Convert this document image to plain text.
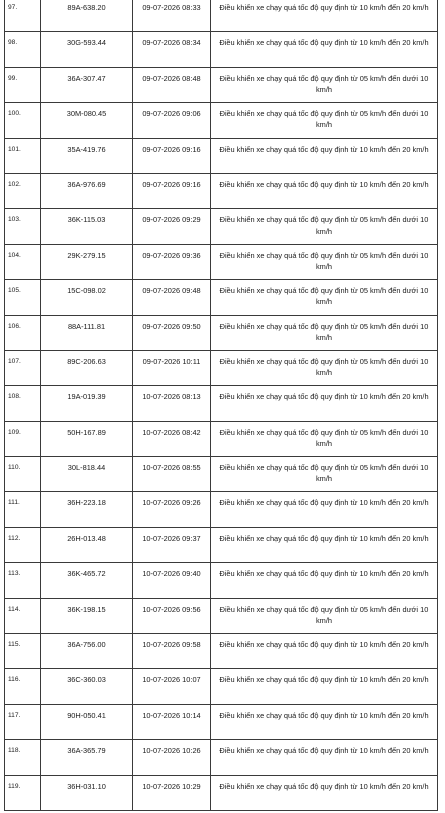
97.	89A-638.20	09-07-2026 08:33	Điều khiển xe chạy quá tốc độ quy định từ 10 km/h đến 20 km/h
98.	30G-593.44	09-07-2026 08:34	Điều khiển xe chạy quá tốc độ quy định từ 10 km/h đến 20 km/h
99.	36A-307.47	09-07-2026 08:48	Điều khiển xe chạy quá tốc độ quy định từ 05 km/h đến dưới 10 km/h
100.	30M-080.45	09-07-2026 09:06	Điều khiển xe chạy quá tốc độ quy định từ 05 km/h đến dưới 10 km/h
101.	35A-419.76	09-07-2026 09:16	Điều khiển xe chạy quá tốc độ quy định từ 10 km/h đến 20 km/h
102.	36A-976.69	09-07-2026 09:16	Điều khiển xe chạy quá tốc độ quy định từ 10 km/h đến 20 km/h
103.	36K-115.03	09-07-2026 09:29	Điều khiển xe chạy quá tốc độ quy định từ 05 km/h đến dưới 10 km/h
104.	29K-279.15	09-07-2026 09:36	Điều khiển xe chạy quá tốc độ quy định từ 05 km/h đến dưới 10 km/h
105.	15C-098.02	09-07-2026 09:48	Điều khiển xe chạy quá tốc độ quy định từ 05 km/h đến dưới 10 km/h
106.	88A-111.81	09-07-2026 09:50	Điều khiển xe chạy quá tốc độ quy định từ 05 km/h đến dưới 10 km/h
107.	89C-206.63	09-07-2026 10:11	Điều khiển xe chạy quá tốc độ quy định từ 05 km/h đến dưới 10 km/h
108.	19A-019.39	10-07-2026 08:13	Điều khiển xe chạy quá tốc độ quy định từ 10 km/h đến 20 km/h
109.	50H-167.89	10-07-2026 08:42	Điều khiển xe chạy quá tốc độ quy định từ 05 km/h đến dưới 10 km/h
110.	30L-818.44	10-07-2026 08:55	Điều khiển xe chạy quá tốc độ quy định từ 05 km/h đến dưới 10 km/h
111.	36H-223.18	10-07-2026 09:26	Điều khiển xe chạy quá tốc độ quy định từ 10 km/h đến 20 km/h
112.	26H-013.48	10-07-2026 09:37	Điều khiển xe chạy quá tốc độ quy định từ 10 km/h đến 20 km/h
113.	36K-465.72	10-07-2026 09:40	Điều khiển xe chạy quá tốc độ quy định từ 10 km/h đến 20 km/h
114.	36K-198.15	10-07-2026 09:56	Điều khiển xe chạy quá tốc độ quy định từ 05 km/h đến dưới 10 km/h
115.	36A-756.00	10-07-2026 09:58	Điều khiển xe chạy quá tốc độ quy định từ 10 km/h đến 20 km/h
116.	36C-360.03	10-07-2026 10:07	Điều khiển xe chạy quá tốc độ quy định từ 10 km/h đến 20 km/h
117.	90H-050.41	10-07-2026 10:14	Điều khiển xe chạy quá tốc độ quy định từ 10 km/h đến 20 km/h
118.	36A-365.79	10-07-2026 10:26	Điều khiển xe chạy quá tốc độ quy định từ 10 km/h đến 20 km/h
119.	36H-031.10	10-07-2026 10:29	Điều khiển xe chạy quá tốc độ quy định từ 10 km/h đến 20 km/h
